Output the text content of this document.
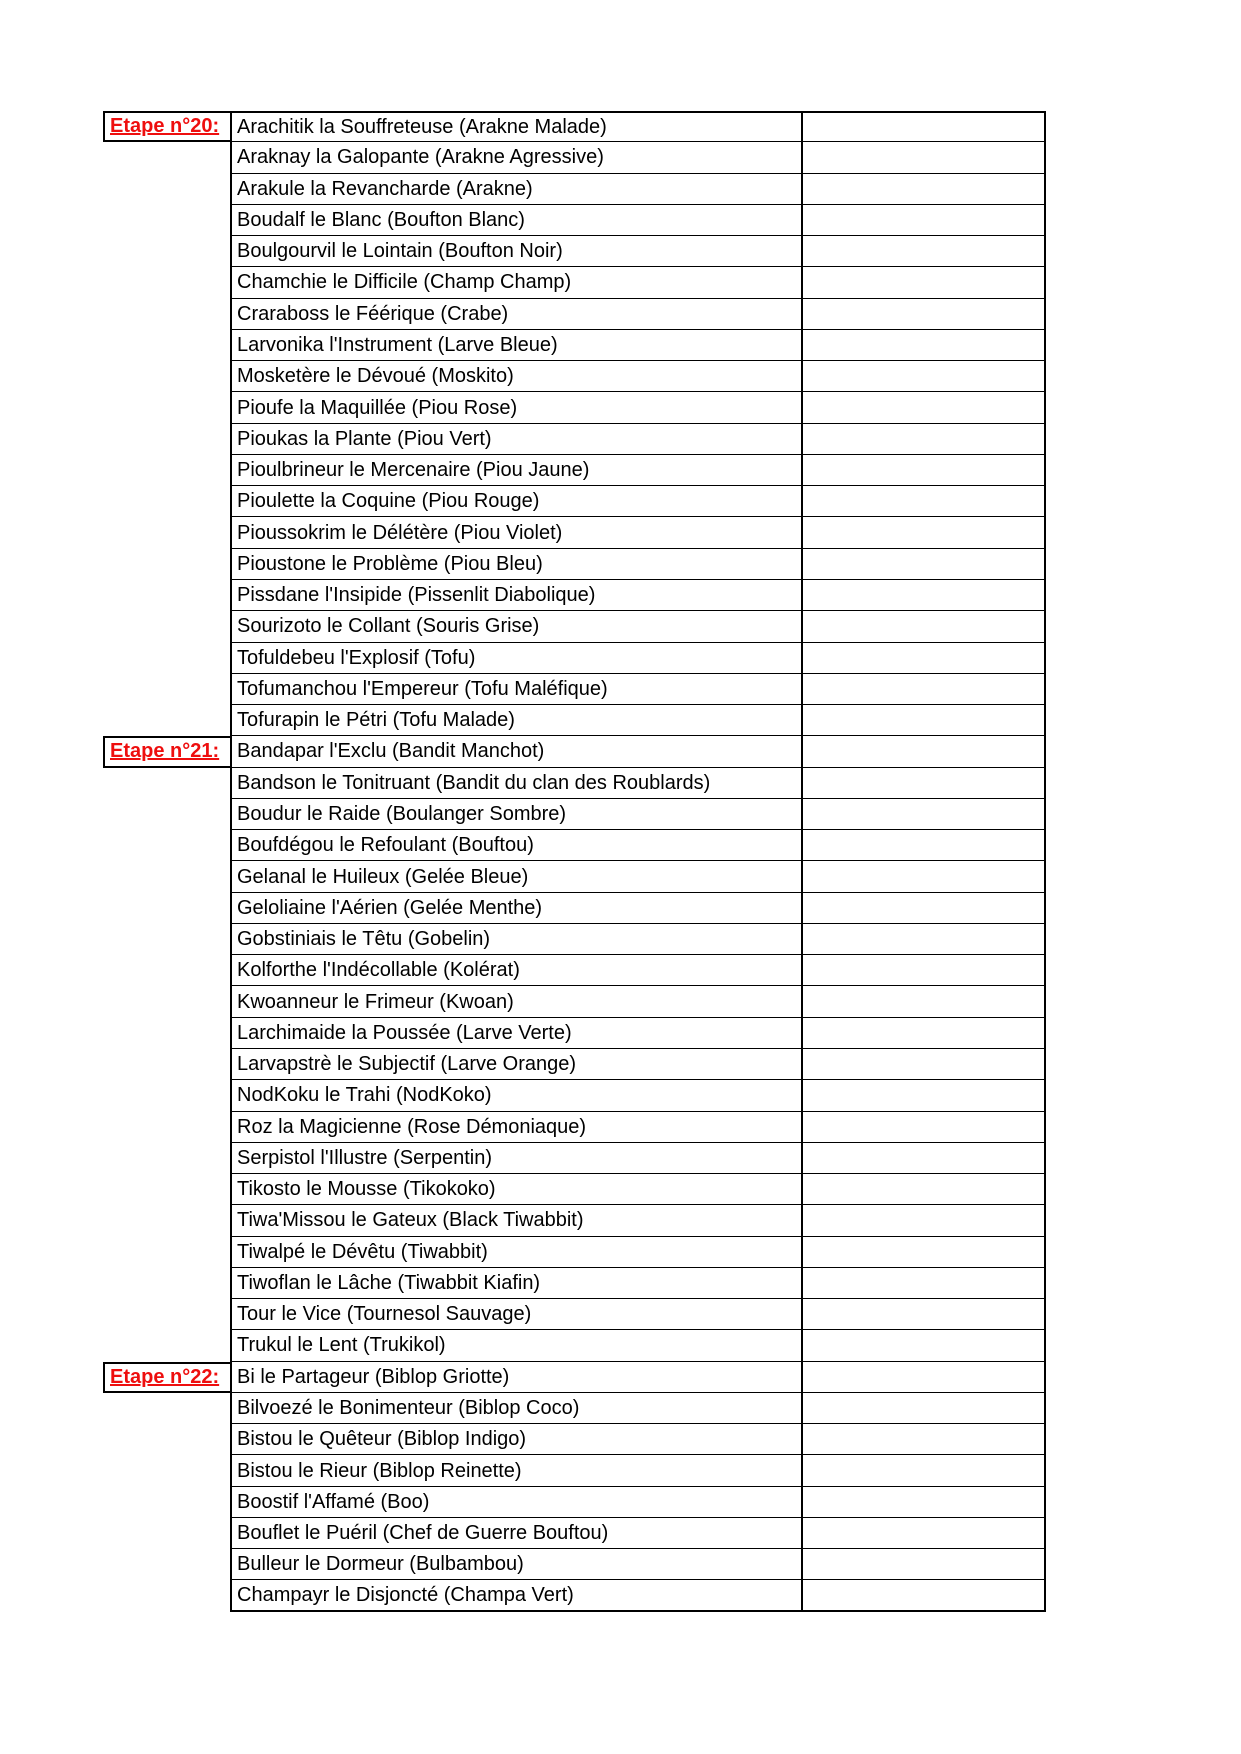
Etape n°20: Arachitik la Souffreteuse (Arakne Malade)
Araknay la Galopante (Arakne Agressive)
Arakule la Revancharde (Arakne)
Boudalf le Blanc (Boufton Blanc)
Boulgourvil le Lointain (Boufton Noir)
Chamchie le Difficile (Champ Champ)
Craraboss le Féérique (Crabe)
Larvonika l'Instrument (Larve Bleue)
Mosketère le Dévoué (Moskito)
Pioufe la Maquillée (Piou Rose)
Pioukas la Plante (Piou Vert)
Pioulbrineur le Mercenaire (Piou Jaune)
Pioulette la Coquine (Piou Rouge)
Pioussokrim le Délétère (Piou Violet)
Pioustone le Problème (Piou Bleu)
Pissdane l'Insipide (Pissenlit Diabolique)
Sourizoto le Collant (Souris Grise)
Tofuldebeu l'Explosif (Tofu)
Tofumanchou l'Empereur (Tofu Maléfique)
Tofurapin le Pétri (Tofu Malade)
Etape n°21: Bandapar l'Exclu (Bandit Manchot)
Bandson le Tonitruant (Bandit du clan des Roublards)
Boudur le Raide (Boulanger Sombre)
Boufdégou le Refoulant (Bouftou)
Gelanal le Huileux (Gelée Bleue)
Geloliaine l'Aérien (Gelée Menthe)
Gobstiniais le Têtu (Gobelin)
Kolforthe l'Indécollable (Kolérat)
Kwoanneur le Frimeur (Kwoan)
Larchimaide la Poussée (Larve Verte)
Larvapstrè le Subjectif (Larve Orange)
NodKoku le Trahi (NodKoko)
Roz la Magicienne (Rose Démoniaque)
Serpistol l'Illustre (Serpentin)
Tikosto le Mousse (Tikokoko)
Tiwa'Missou le Gateux (Black Tiwabbit)
Tiwalpé le Dévêtu (Tiwabbit)
Tiwoflan le Lâche (Tiwabbit Kiafin)
Tour le Vice (Tournesol Sauvage)
Trukul le Lent (Trukikol)
Etape n°22: Bi le Partageur (Biblop Griotte)
Bilvoezé le Bonimenteur (Biblop Coco)
Bistou le Quêteur (Biblop Indigo)
Bistou le Rieur (Biblop Reinette)
Boostif l'Affamé (Boo)
Bouflet le Puéril (Chef de Guerre Bouftou)
Bulleur le Dormeur (Bulbambou)
Champayr le Disjoncté (Champa Vert)
